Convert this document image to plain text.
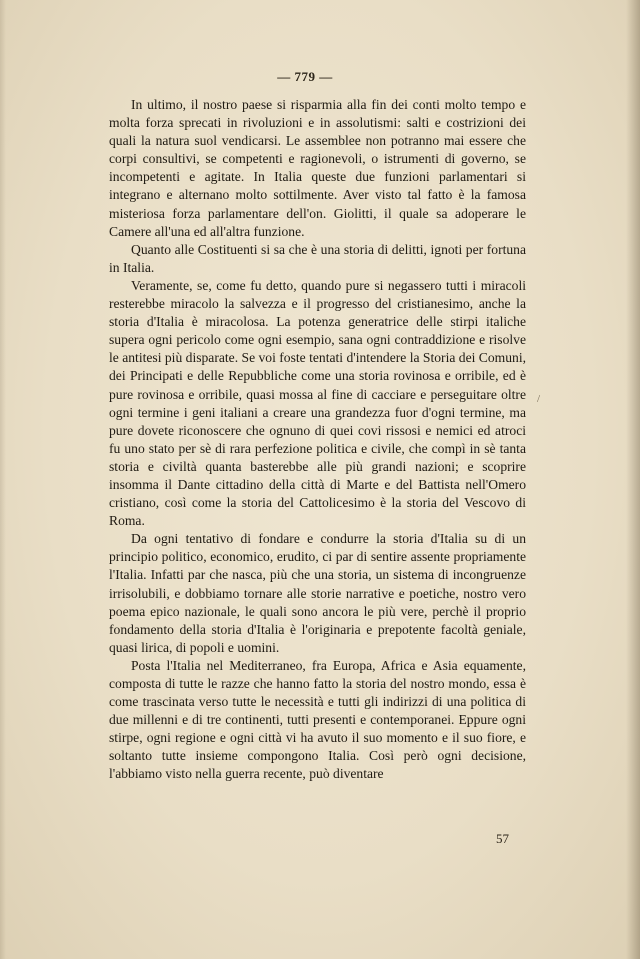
— 779 —

In ultimo, il nostro paese si risparmia alla fin dei conti molto tempo e molta forza sprecati in rivoluzioni e in assolutismi: salti e costrizioni dei quali la natura suol vendicarsi. Le assemblee non potranno mai essere che corpi consultivi, se competenti e ragionevoli, o istrumenti di governo, se incompetenti e agitate. In Italia queste due funzioni parlamentari si integrano e alternano molto sottilmente. Aver visto tal fatto è la famosa misteriosa forza parlamentare dell'on. Giolitti, il quale sa adoperare le Camere all'una ed all'altra funzione.

Quanto alle Costituenti si sa che è una storia di delitti, ignoti per fortuna in Italia.

Veramente, se, come fu detto, quando pure si negassero tutti i miracoli resterebbe miracolo la salvezza e il progresso del cristianesimo, anche la storia d'Italia è miracolosa. La potenza generatrice delle stirpi italiche supera ogni pericolo come ogni esempio, sana ogni contraddizione e risolve le antitesi più disparate. Se voi foste tentati d'intendere la Storia dei Comuni, dei Principati e delle Repubbliche come una storia rovinosa e orribile, ed è pure rovinosa e orribile, quasi mossa al fine di cacciare e perseguitare oltre ogni termine i geni italiani a creare una grandezza fuor d'ogni termine, ma pure dovete riconoscere che ognuno di quei covi rissosi e nemici ed atroci fu uno stato per sè di rara perfezione politica e civile, che compì in sè tanta storia e civiltà quanta basterebbe alle più grandi nazioni; e scoprire insomma il Dante cittadino della città di Marte e del Battista nell'Omero cristiano, così come la storia del Cattolicesimo è la storia del Vescovo di Roma.

Da ogni tentativo di fondare e condurre la storia d'Italia su di un principio politico, economico, erudito, ci par di sentire assente propriamente l'Italia. Infatti par che nasca, più che una storia, un sistema di incongruenze irrisolubili, e dobbiamo tornare alle storie narrative e poetiche, nostro vero poema epico nazionale, le quali sono ancora le più vere, perchè il proprio fondamento della storia d'Italia è l'originaria e prepotente facoltà geniale, quasi lirica, di popoli e uomini.

Posta l'Italia nel Mediterraneo, fra Europa, Africa e Asia equamente, composta di tutte le razze che hanno fatto la storia del nostro mondo, essa è come trascinata verso tutte le necessità e tutti gli indirizzi di una politica di due millenni e di tre continenti, tutti presenti e contemporanei. Eppure ogni stirpe, ogni regione e ogni città vi ha avuto il suo momento e il suo fiore, e soltanto tutte insieme compongono Italia. Così però ogni decisione, l'abbiamo visto nella guerra recente, può diventare

/
57
